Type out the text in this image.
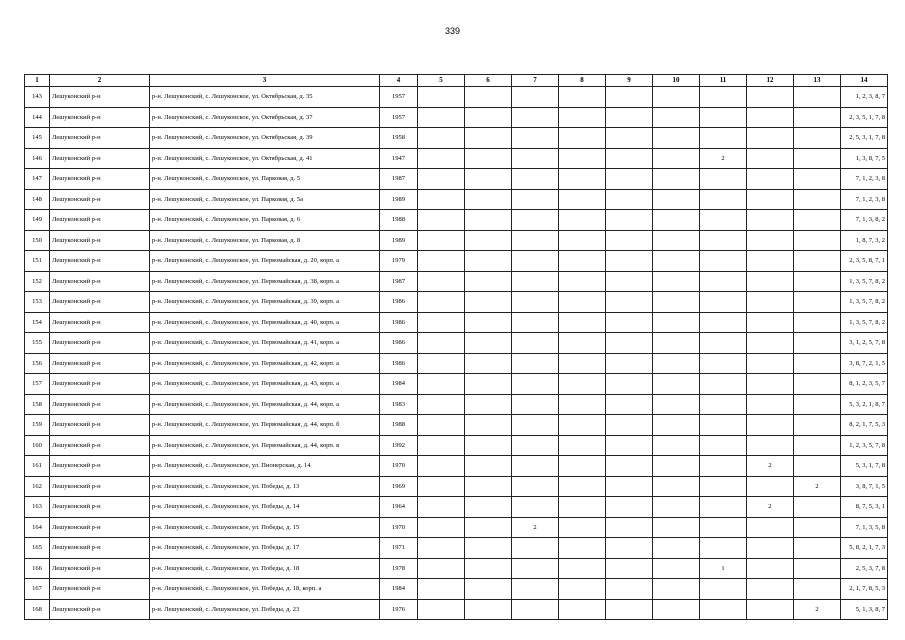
339
1	2	3	4	5	6	7	8	9	10	11	12	13	14
143	Лешуконский р-н	р-н. Лешуконский, с. Лешуконское, ул. Октябрьская, д. 35	1957										1, 2, 3, 8, 7
144	Лешуконский р-н	р-н. Лешуконский, с. Лешуконское, ул. Октябрьская, д. 37	1957										2, 3, 5, 1, 7, 8
145	Лешуконский р-н	р-н. Лешуконский, с. Лешуконское, ул. Октябрьская, д. 39	1958										2, 5, 3, 1, 7, 8
146	Лешуконский р-н	р-н. Лешуконский, с. Лешуконское, ул. Октябрьская, д. 41	1947							2			1, 3, 8, 7, 5
147	Лешуконский р-н	р-н. Лешуконский, с. Лешуконское, ул. Парковая, д. 5	1987										7, 1, 2, 3, 8
148	Лешуконский р-н	р-н. Лешуконский, с. Лешуконское, ул. Парковая, д. 5а	1989										7, 1, 2, 3, 8
149	Лешуконский р-н	р-н. Лешуконский, с. Лешуконское, ул. Парковая, д. 6	1988										7, 1, 3, 8, 2
150	Лешуконский р-н	р-н. Лешуконский, с. Лешуконское, ул. Парковая, д. 8	1989										1, 8, 7, 3, 2
151	Лешуконский р-н	р-н. Лешуконский, с. Лешуконское, ул. Первомайская, д. 20, корп. а	1979										2, 3, 5, 8, 7, 1
152	Лешуконский р-н	р-н. Лешуконский, с. Лешуконское, ул. Первомайская, д. 38, корп. а	1987										1, 3, 5, 7, 8, 2
153	Лешуконский р-н	р-н. Лешуконский, с. Лешуконское, ул. Первомайская, д. 39, корп. а	1986										1, 3, 5, 7, 8, 2
154	Лешуконский р-н	р-н. Лешуконский, с. Лешуконское, ул. Первомайская, д. 40, корп. а	1986										1, 3, 5, 7, 8, 2
155	Лешуконский р-н	р-н. Лешуконский, с. Лешуконское, ул. Первомайская, д. 41, корп. а	1986										3, 1, 2, 5, 7, 8
156	Лешуконский р-н	р-н. Лешуконский, с. Лешуконское, ул. Первомайская, д. 42, корп. а	1986										3, 8, 7, 2, 1, 5
157	Лешуконский р-н	р-н. Лешуконский, с. Лешуконское, ул. Первомайская, д. 43, корп. а	1984										8, 1, 2, 3, 5, 7
158	Лешуконский р-н	р-н. Лешуконский, с. Лешуконское, ул. Первомайская, д. 44, корп. а	1983										5, 3, 2, 1, 8, 7
159	Лешуконский р-н	р-н. Лешуконский, с. Лешуконское, ул. Первомайская, д. 44, корп. б	1988										8, 2, 1, 7, 5, 3
160	Лешуконский р-н	р-н. Лешуконский, с. Лешуконское, ул. Первомайская, д. 44, корп. в	1992										1, 2, 3, 5, 7, 8
161	Лешуконский р-н	р-н. Лешуконский, с. Лешуконское, ул. Пионерская, д. 14	1970								2		5, 3, 1, 7, 8
162	Лешуконский р-н	р-н. Лешуконский, с. Лешуконское, ул. Победы, д. 13	1969									2	3, 8, 7, 1, 5
163	Лешуконский р-н	р-н. Лешуконский, с. Лешуконское, ул. Победы, д. 14	1964								2		8, 7, 5, 3, 1
164	Лешуконский р-н	р-н. Лешуконский, с. Лешуконское, ул. Победы, д. 15	1970			2							7, 1, 3, 5, 8
165	Лешуконский р-н	р-н. Лешуконский, с. Лешуконское, ул. Победы, д. 17	1971										5, 8, 2, 1, 7, 3
166	Лешуконский р-н	р-н. Лешуконский, с. Лешуконское, ул. Победы, д. 18	1978							1			2, 5, 3, 7, 8
167	Лешуконский р-н	р-н. Лешуконский, с. Лешуконское, ул. Победы, д. 18, корп. а	1984										2, 1, 7, 8, 5, 3
168	Лешуконский р-н	р-н. Лешуконский, с. Лешуконское, ул. Победы, д. 23	1976									2	5, 1, 3, 8, 7
